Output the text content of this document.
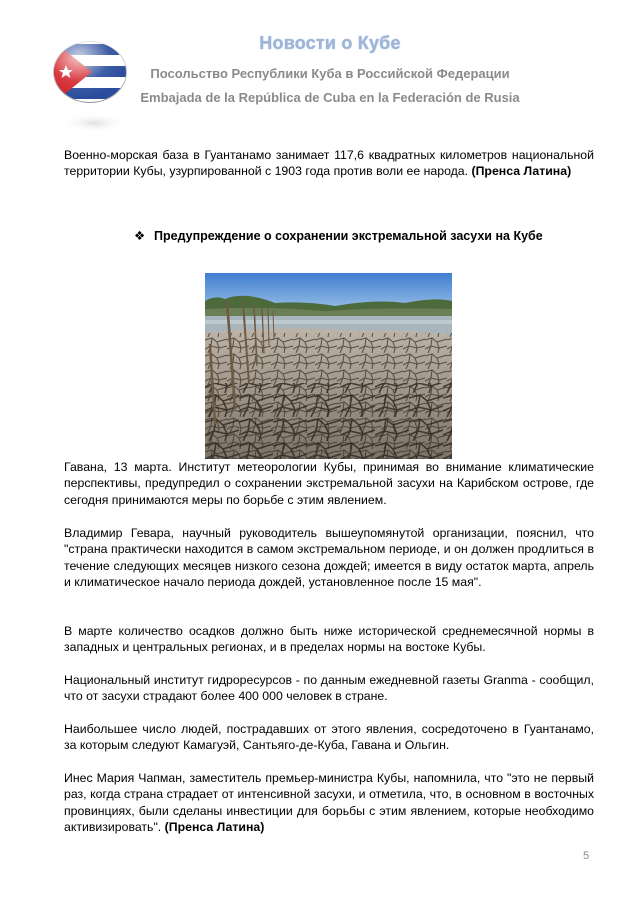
Новости о Кубе
Посольство Республики Куба в Российской Федерации
Embajada de la República de Cuba en la Federación de Rusia
Военно-морская база в Гуантанамо занимает 117,6 квадратных километров национальной территории Кубы, узурпированной с 1903 года против воли ее народа. (Пренса Латина)
❖ Предупреждение о сохранении экстремальной засухи на Кубе
Гавана, 13 марта. Институт метеорологии Кубы, принимая во внимание климатические перспективы, предупредил о сохранении экстремальной засухи на Карибском острове, где сегодня принимаются меры по борьбе с этим явлением.
Владимир Гевара, научный руководитель вышеупомянутой организации, пояснил, что "страна практически находится в самом экстремальном периоде, и он должен продлиться в течение следующих месяцев низкого сезона дождей; имеется в виду остаток марта, апрель и климатическое начало периода дождей, установленное после 15 мая".
В марте количество осадков должно быть ниже исторической среднемесячной нормы в западных и центральных регионах, и в пределах нормы на востоке Кубы.
Национальный институт гидроресурсов - по данным ежедневной газеты Granma - сообщил, что от засухи страдают более 400 000 человек в стране.
Наибольшее число людей, пострадавших от этого явления, сосредоточено в Гуантанамо, за которым следуют Камагуэй, Сантьяго-де-Куба, Гавана и Ольгин.
Инес Мария Чапман, заместитель премьер-министра Кубы, напомнила, что "это не первый раз, когда страна страдает от интенсивной засухи, и отметила, что, в основном в восточных провинциях, были сделаны инвестиции для борьбы с этим явлением, которые необходимо активизировать". (Пренса Латина)
5
